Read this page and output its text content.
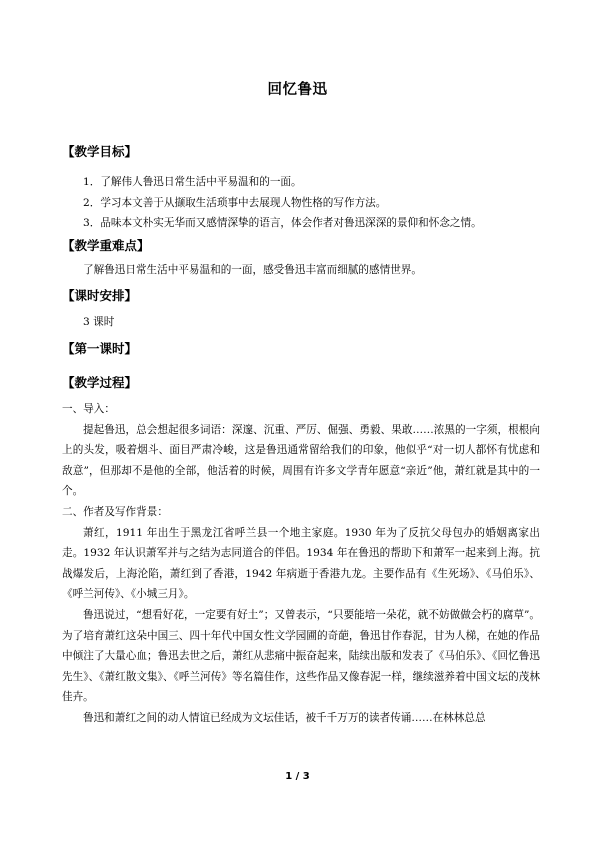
回忆鲁迅

【教学目标】

1．了解伟人鲁迅日常生活中平易温和的一面。

2．学习本文善于从撷取生活琐事中去展现人物性格的写作方法。

3．品味本文朴实无华而又感情深挚的语言，体会作者对鲁迅深深的景仰和怀念之情。

【教学重难点】

了解鲁迅日常生活中平易温和的一面，感受鲁迅丰富而细腻的感情世界。

【课时安排】

3 课时

【第一课时】

【教学过程】

一、导入：

提起鲁迅，总会想起很多词语：深邃、沉重、严厉、倔强、勇毅、果敢……浓黑的一字须，根根向上的头发，吸着烟斗、面目严肃冷峻，这是鲁迅通常留给我们的印象，他似乎“对一切人都怀有忧虑和敌意”，但那却不是他的全部，他活着的时候，周围有许多文学青年愿意“亲近”他，萧红就是其中的一个。

二、作者及写作背景：

萧红，1911 年出生于黑龙江省呼兰县一个地主家庭。1930 年为了反抗父母包办的婚姻离家出走。1932 年认识萧军并与之结为志同道合的伴侣。1934 年在鲁迅的帮助下和萧军一起来到上海。抗战爆发后，上海沦陷，萧红到了香港，1942 年病逝于香港九龙。主要作品有《生死场》、《马伯乐》、《呼兰河传》、《小城三月》。

鲁迅说过，“想看好花，一定要有好土”；又曾表示，“只要能培一朵花，就不妨做做会朽的腐草”。为了培育萧红这朵中国三、四十年代中国女性文学园圃的奇葩，鲁迅甘作春泥，甘为人梯，在她的作品中倾注了大量心血；鲁迅去世之后，萧红从悲痛中振奋起来，陆续出版和发表了《马伯乐》、《回忆鲁迅先生》、《萧红散文集》、《呼兰河传》等名篇佳作，这些作品又像春泥一样，继续滋养着中国文坛的茂林佳卉。

鲁迅和萧红之间的动人情谊已经成为文坛佳话，被千千万万的读者传诵……在林林总总

1 / 3
